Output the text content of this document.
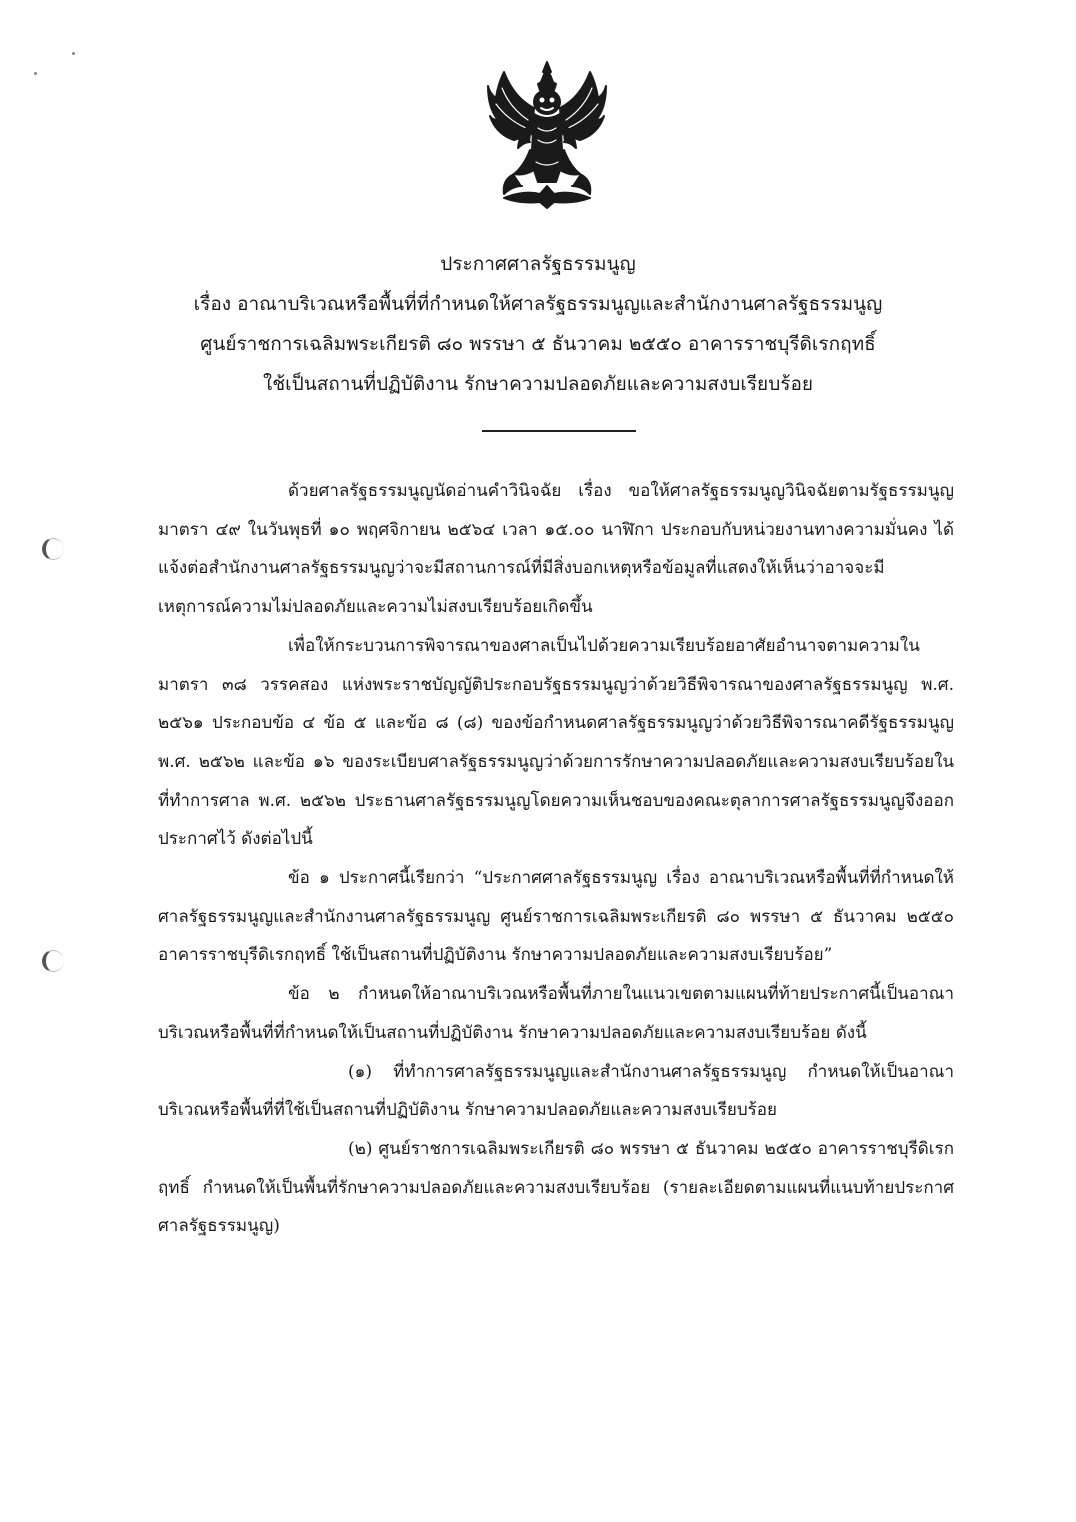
ประกาศศาลรัฐธรรมนูญ
เรื่อง อาณาบริเวณหรือพื้นที่ที่กำหนดให้ศาลรัฐธรรมนูญและสำนักงานศาลรัฐธรรมนูญ
ศูนย์ราชการเฉลิมพระเกียรติ ๘๐ พรรษา ๕ ธันวาคม ๒๕๕๐ อาคารราชบุรีดิเรกฤทธิ์
ใช้เป็นสถานที่ปฏิบัติงาน รักษาความปลอดภัยและความสงบเรียบร้อย

ด้วยศาลรัฐธรรมนูญนัดอ่านคำวินิจฉัย เรื่อง ขอให้ศาลรัฐธรรมนูญวินิจฉัยตามรัฐธรรมนูญ มาตรา ๔๙ ในวันพุธที่ ๑๐ พฤศจิกายน ๒๕๖๔ เวลา ๑๕.๐๐ นาฬิกา ประกอบกับหน่วยงานทางความมั่นคง ได้แจ้งต่อสำนักงานศาลรัฐธรรมนูญว่าจะมีสถานการณ์ที่มีสิ่งบอกเหตุหรือข้อมูลที่แสดงให้เห็นว่าอาจจะมีเหตุการณ์ความไม่ปลอดภัยและความไม่สงบเรียบร้อยเกิดขึ้น

เพื่อให้กระบวนการพิจารณาของศาลเป็นไปด้วยความเรียบร้อยอาศัยอำนาจตามความใน มาตรา ๓๘ วรรคสอง แห่งพระราชบัญญัติประกอบรัฐธรรมนูญว่าด้วยวิธีพิจารณาของศาลรัฐธรรมนูญ พ.ศ. ๒๕๖๑ ประกอบข้อ ๔ ข้อ ๕ และข้อ ๘ (๘) ของข้อกำหนดศาลรัฐธรรมนูญว่าด้วยวิธีพิจารณาคดีรัฐธรรมนูญ พ.ศ. ๒๕๖๒ และข้อ ๑๖ ของระเบียบศาลรัฐธรรมนูญว่าด้วยการรักษาความปลอดภัยและความสงบเรียบร้อยในที่ทำการศาล พ.ศ. ๒๕๖๒ ประธานศาลรัฐธรรมนูญโดยความเห็นชอบของคณะตุลาการศาลรัฐธรรมนูญจึงออกประกาศไว้ ดังต่อไปนี้

ข้อ ๑ ประกาศนี้เรียกว่า “ประกาศศาลรัฐธรรมนูญ เรื่อง อาณาบริเวณหรือพื้นที่ที่กำหนดให้ศาลรัฐธรรมนูญและสำนักงานศาลรัฐธรรมนูญ ศูนย์ราชการเฉลิมพระเกียรติ ๘๐ พรรษา ๕ ธันวาคม ๒๕๕๐ อาคารราชบุรีดิเรกฤทธิ์ ใช้เป็นสถานที่ปฏิบัติงาน รักษาความปลอดภัยและความสงบเรียบร้อย”

ข้อ ๒ กำหนดให้อาณาบริเวณหรือพื้นที่ภายในแนวเขตตามแผนที่ท้ายประกาศนี้เป็นอาณาบริเวณหรือพื้นที่ที่กำหนดให้เป็นสถานที่ปฏิบัติงาน รักษาความปลอดภัยและความสงบเรียบร้อย ดังนี้

(๑) ที่ทำการศาลรัฐธรรมนูญและสำนักงานศาลรัฐธรรมนูญ กำหนดให้เป็นอาณาบริเวณหรือพื้นที่ที่ใช้เป็นสถานที่ปฏิบัติงาน รักษาความปลอดภัยและความสงบเรียบร้อย

(๒) ศูนย์ราชการเฉลิมพระเกียรติ ๘๐ พรรษา ๕ ธันวาคม ๒๕๕๐ อาคารราชบุรีดิเรกฤทธิ์ กำหนดให้เป็นพื้นที่รักษาความปลอดภัยและความสงบเรียบร้อย (รายละเอียดตามแผนที่แนบท้ายประกาศศาลรัฐธรรมนูญ)
